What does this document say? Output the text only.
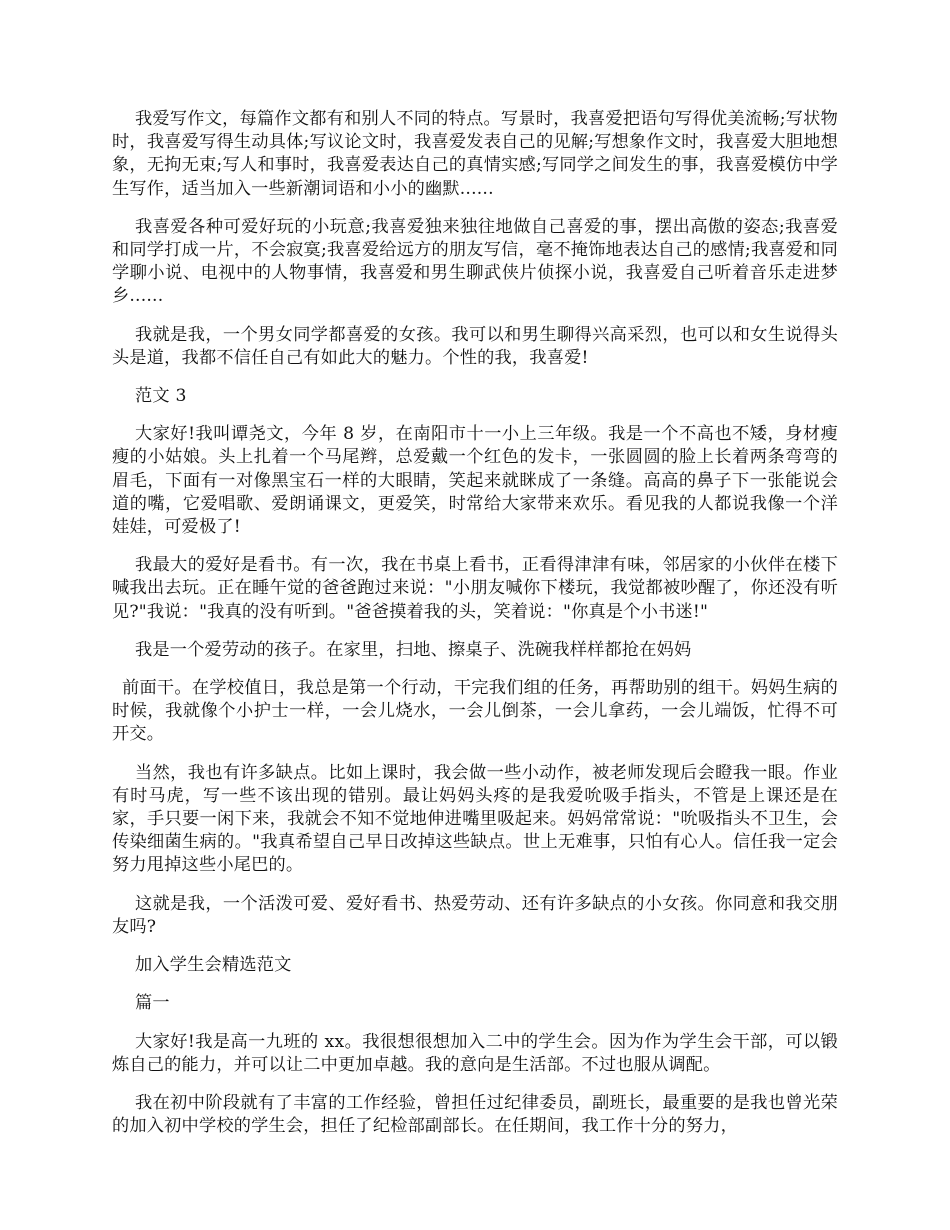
我爱写作文，每篇作文都有和别人不同的特点。写景时，我喜爱把语句写得优美流畅;写状物时，我喜爱写得生动具体;写议论文时，我喜爱发表自己的见解;写想象作文时，我喜爱大胆地想象，无拘无束;写人和事时，我喜爱表达自己的真情实感;写同学之间发生的事，我喜爱模仿中学生写作，适当加入一些新潮词语和小小的幽默......

我喜爱各种可爱好玩的小玩意;我喜爱独来独往地做自己喜爱的事，摆出高傲的姿态;我喜爱和同学打成一片，不会寂寞;我喜爱给远方的朋友写信，毫不掩饰地表达自己的感情;我喜爱和同学聊小说、电视中的人物事情，我喜爱和男生聊武侠片侦探小说，我喜爱自己听着音乐走进梦乡......

我就是我，一个男女同学都喜爱的女孩。我可以和男生聊得兴高采烈，也可以和女生说得头头是道，我都不信任自己有如此大的魅力。个性的我，我喜爱!

范文 3

大家好!我叫谭尧文，今年 8 岁，在南阳市十一小上三年级。我是一个不高也不矮，身材瘦瘦的小姑娘。头上扎着一个马尾辫，总爱戴一个红色的发卡，一张圆圆的脸上长着两条弯弯的眉毛，下面有一对像黑宝石一样的大眼睛，笑起来就眯成了一条缝。高高的鼻子下一张能说会道的嘴，它爱唱歌、爱朗诵课文，更爱笑，时常给大家带来欢乐。看见我的人都说我像一个洋娃娃，可爱极了!

我最大的爱好是看书。有一次，我在书桌上看书，正看得津津有味，邻居家的小伙伴在楼下喊我出去玩。正在睡午觉的爸爸跑过来说："小朋友喊你下楼玩，我觉都被吵醒了，你还没有听见?"我说："我真的没有听到。"爸爸摸着我的头，笑着说："你真是个小书迷!"

我是一个爱劳动的孩子。在家里，扫地、擦桌子、洗碗我样样都抢在妈妈

前面干。在学校值日，我总是第一个行动，干完我们组的任务，再帮助别的组干。妈妈生病的时候，我就像个小护士一样，一会儿烧水，一会儿倒茶，一会儿拿药，一会儿端饭，忙得不可开交。

当然，我也有许多缺点。比如上课时，我会做一些小动作，被老师发现后会瞪我一眼。作业有时马虎，写一些不该出现的错别。最让妈妈头疼的是我爱吮吸手指头，不管是上课还是在家，手只要一闲下来，我就会不知不觉地伸进嘴里吸起来。妈妈常常说："吮吸指头不卫生，会传染细菌生病的。"我真希望自己早日改掉这些缺点。世上无难事，只怕有心人。信任我一定会努力甩掉这些小尾巴的。

这就是我，一个活泼可爱、爱好看书、热爱劳动、还有许多缺点的小女孩。你同意和我交朋友吗?

加入学生会精选范文

篇一

大家好!我是高一九班的 xx。我很想很想加入二中的学生会。因为作为学生会干部，可以锻炼自己的能力，并可以让二中更加卓越。我的意向是生活部。不过也服从调配。

我在初中阶段就有了丰富的工作经验，曾担任过纪律委员，副班长，最重要的是我也曾光荣的加入初中学校的学生会，担任了纪检部副部长。在任期间，我工作十分的努力，
